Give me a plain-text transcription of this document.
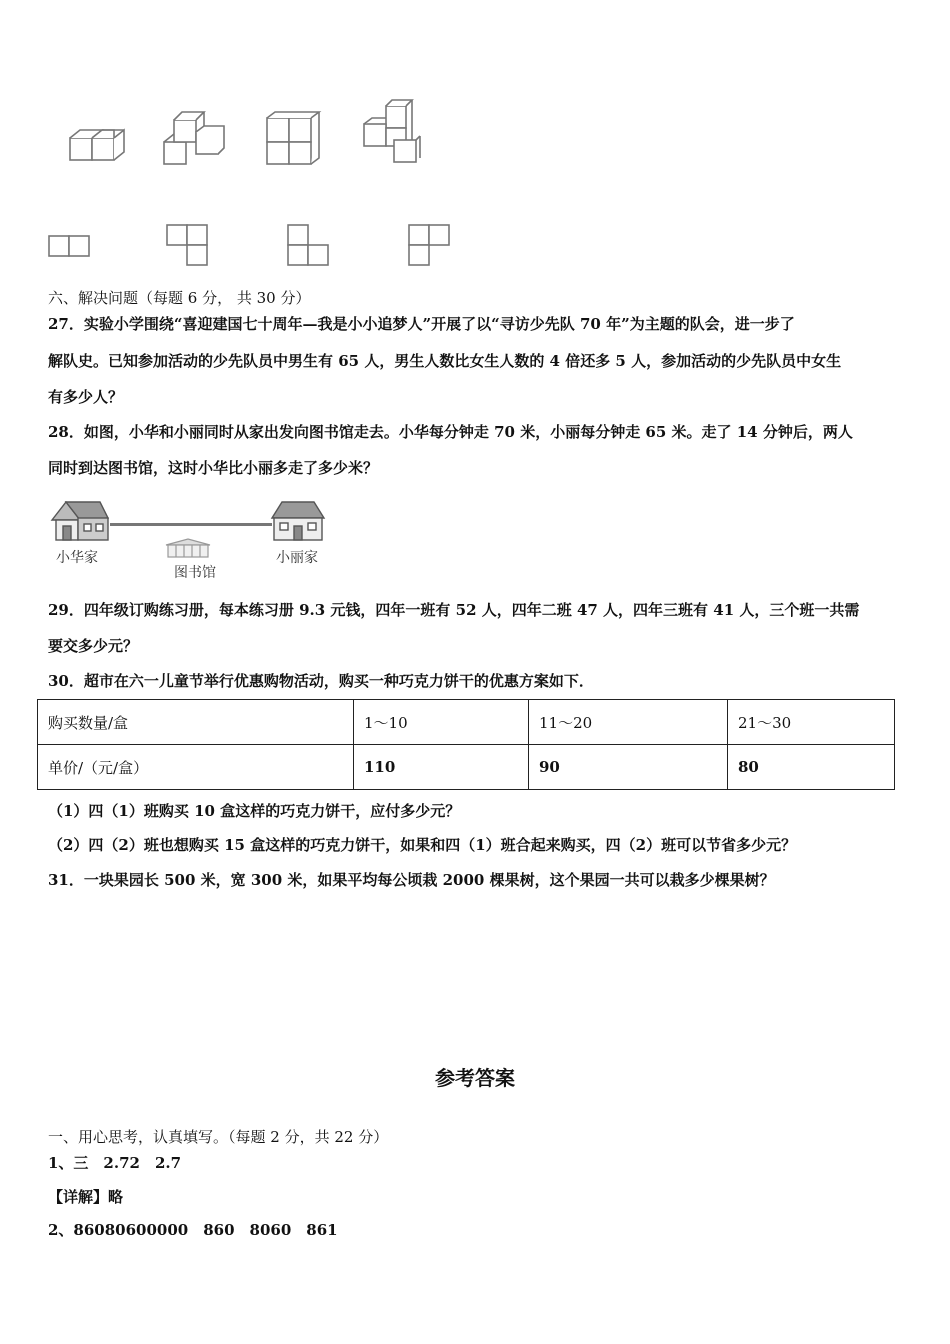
六、解决问题（每题 6 分， 共 30 分）
27．实验小学围绕“喜迎建国七十周年—我是小小追梦人”开展了以“寻访少先队 70 年”为主题的队会，进一步了
解队史。已知参加活动的少先队员中男生有 65 人，男生人数比女生人数的 4 倍还多 5 人，参加活动的少先队员中女生
有多少人？
28．如图，小华和小丽同时从家出发向图书馆走去。小华每分钟走 70 米，小丽每分钟走 65 米。走了 14 分钟后，两人
同时到达图书馆，这时小华比小丽多走了多少米？
小华家
图书馆
小丽家
29．四年级订购练习册，每本练习册 9.3 元钱，四年一班有 52 人，四年二班 47 人，四年三班有 41 人，三个班一共需
要交多少元？
30．超市在六一儿童节举行优惠购物活动，购买一种巧克力饼干的优惠方案如下．
购买数量/盒	1～10	11～20	21～30
单价/（元/盒）	110	90	80
（1）四（1）班购买 10 盒这样的巧克力饼干，应付多少元？
（2）四（2）班也想购买 15 盒这样的巧克力饼干，如果和四（1）班合起来购买，四（2）班可以节省多少元？
31．一块果园长 500 米，宽 300 米，如果平均每公顷栽 2000 棵果树，这个果园一共可以栽多少棵果树？
参考答案
一、用心思考，认真填写。（每题 2 分，共 22 分）
1、三　2.72　2.7
【详解】略
2、86080600000　860　8060　861
